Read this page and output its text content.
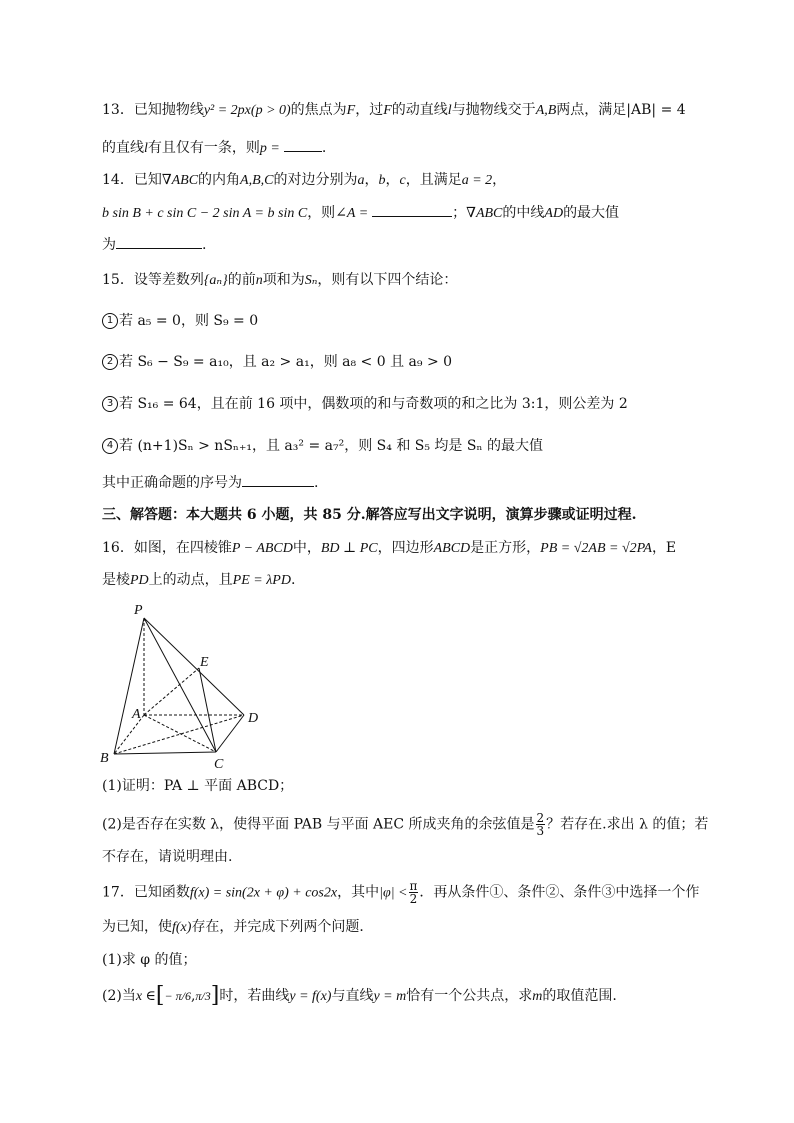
13．已知抛物线y² = 2px(p > 0)的焦点为F，过F的动直线l与抛物线交于A,B两点，满足|AB| = 4
的直线l有且仅有一条，则p =	.
14．已知∇ABC的内角A,B,C的对边分别为a，b，c，且满足a = 2，
b sin B + c sin C − 2 sin A = b sin C，则∠A =	；∇ABC的中线AD的最大值
为	.
15．设等差数列{aₙ}的前n项和为Sₙ，则有以下四个结论：
1 若 a₅ = 0，则 S₉ = 0
2 若 S₆ − S₉ = a₁₀，且 a₂ > a₁，则 a₈ < 0 且 a₉ > 0
3 若 S₁₆ = 64，且在前 16 项中，偶数项的和与奇数项的和之比为 3:1，则公差为 2
4 若 (n+1)Sₙ > nSₙ₊₁，且 a₃² = a₇²，则 S₄ 和 S₅ 均是 Sₙ 的最大值
其中正确命题的序号为	.
三、解答题：本大题共 6 小题，共 85 分.解答应写出文字说明，演算步骤或证明过程.
16．如图，在四棱锥P − ABCD中，BD ⊥ PC，四边形ABCD是正方形，PB = √2AB = √2PA，E
是棱PD上的动点，且PE = λPD.
P
E
A	D
B	C
(1)证明：PA ⊥ 平面 ABCD；
(2)是否存在实数 λ，使得平面 PAB 与平面 AEC 所成夹角的余弦值是 $\frac{2}{3}$ ？若存在.求出 λ 的值；若
不存在，请说明理由.
17．已知函数f(x) = sin(2x + φ) + cos2x，其中$|\varphi| < \frac{\pi}{2}$ ．再从条件①、条件②、条件③中选择一个作
为已知，使f(x)存在，并完成下列两个问题．
(1)求 φ 的值；
(2)当x ∈[− π/6,π/3]时，若曲线y = f(x)与直线y = m恰有一个公共点，求m的取值范围.
